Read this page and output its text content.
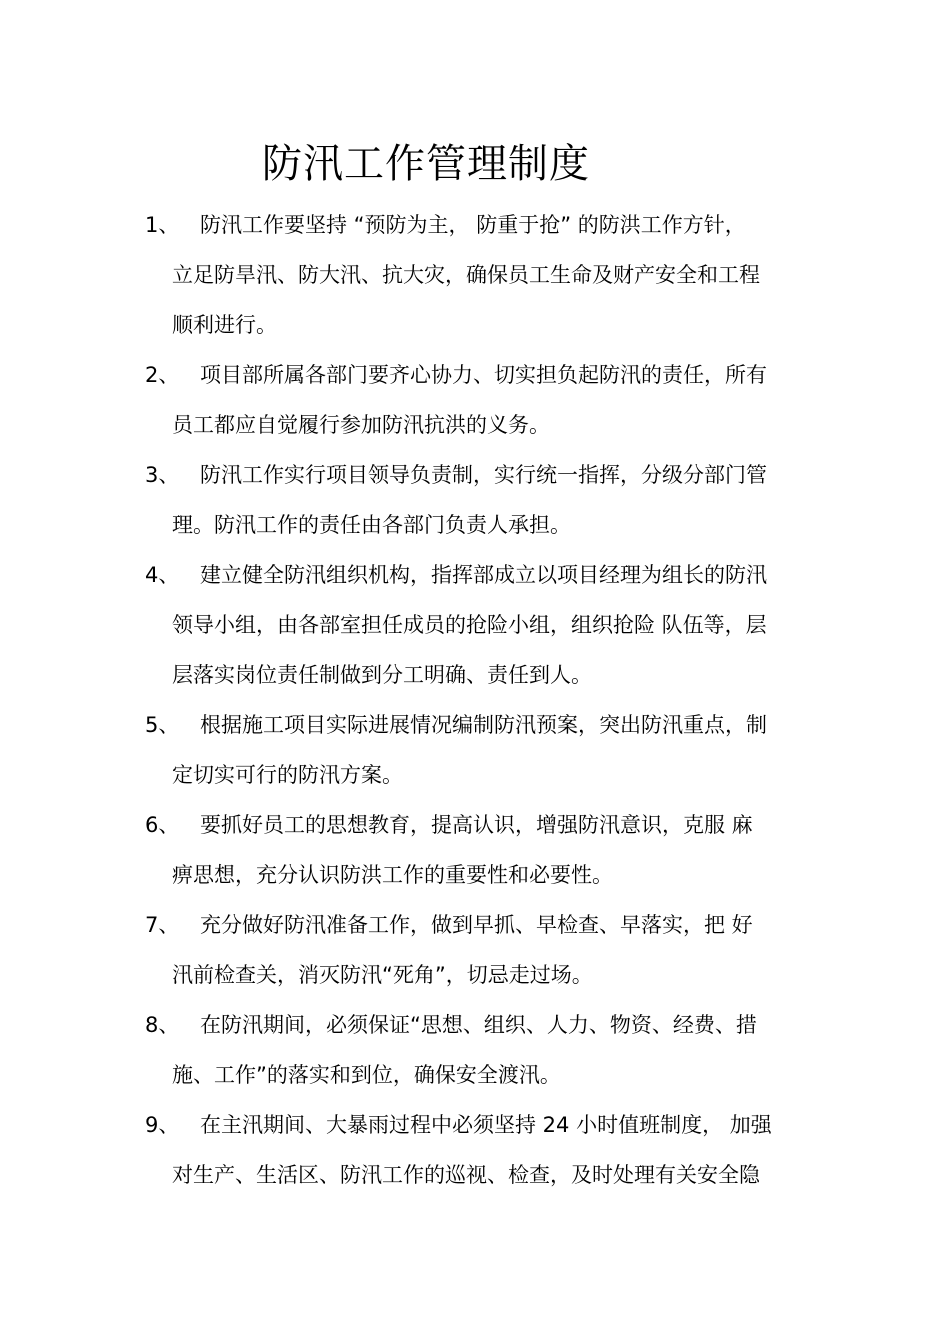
防汛工作管理制度
1、 防汛工作要坚持 “预防为主， 防重于抢” 的防洪工作方针，
立足防旱汛、防大汛、抗大灾，确保员工生命及财产安全和工程
顺利进行。
2、 项目部所属各部门要齐心协力、切实担负起防汛的责任，所有
员工都应自觉履行参加防汛抗洪的义务。
3、 防汛工作实行项目领导负责制，实行统一指挥，分级分部门管
理。防汛工作的责任由各部门负责人承担。
4、 建立健全防汛组织机构，指挥部成立以项目经理为组长的防汛
领导小组，由各部室担任成员的抢险小组，组织抢险 队伍等，层
层落实岗位责任制做到分工明确、责任到人。
5、 根据施工项目实际进展情况编制防汛预案，突出防汛重点，制
定切实可行的防汛方案。
6、 要抓好员工的思想教育，提高认识，增强防汛意识，克服 麻
痹思想，充分认识防洪工作的重要性和必要性。
7、 充分做好防汛准备工作，做到早抓、早检查、早落实，把 好
汛前检查关，消灭防汛“死角”，切忌走过场。
8、 在防汛期间，必须保证“思想、组织、人力、物资、经费、措
施、工作”的落实和到位，确保安全渡汛。
9、 在主汛期间、大暴雨过程中必须坚持 24 小时值班制度， 加强
对生产、生活区、防汛工作的巡视、检查，及时处理有关安全隐
